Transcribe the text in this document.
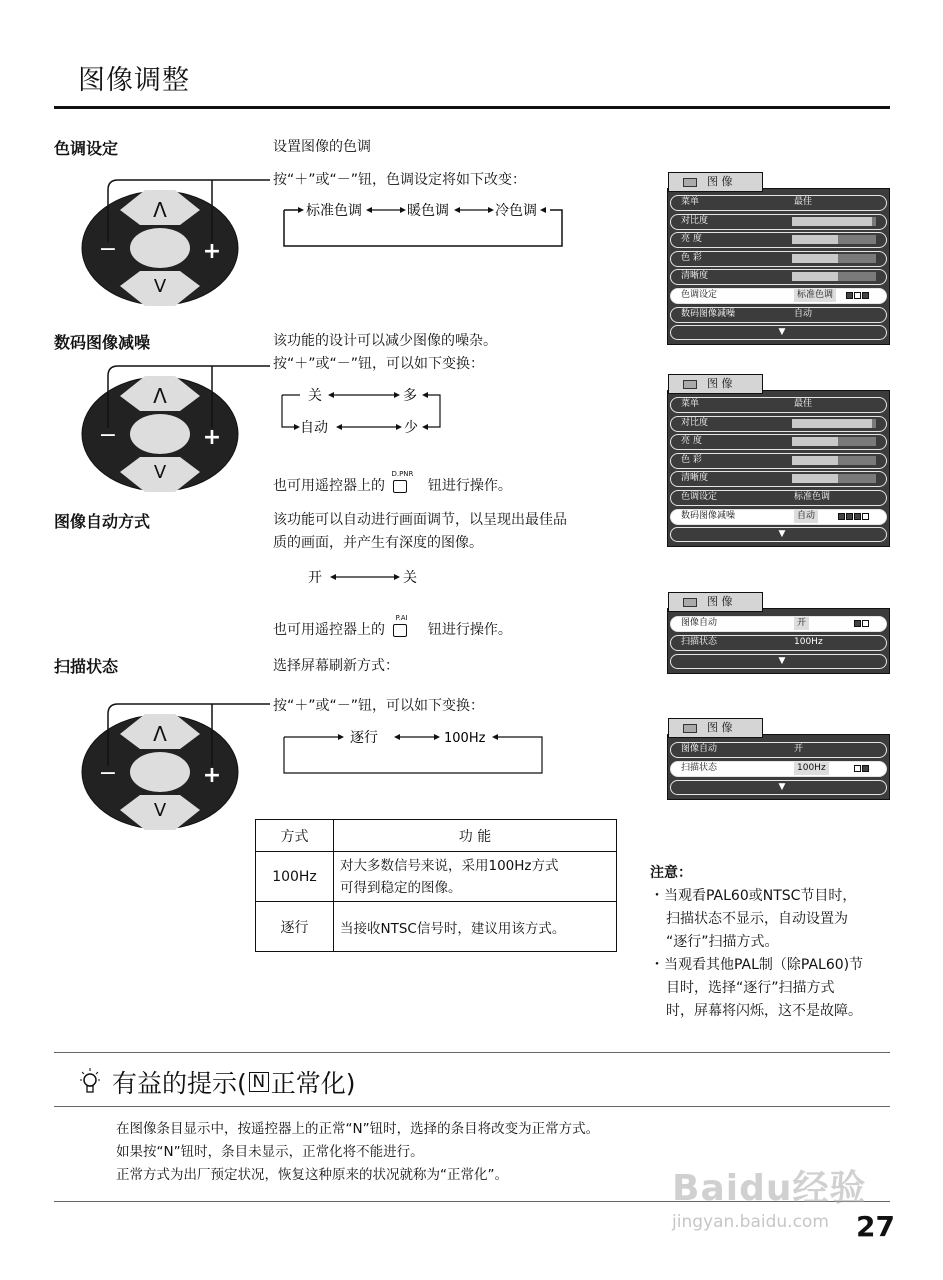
图像调整
色调设定	设置图像的色调
按“＋”或“－”钮，色调设定将如下改变：
Λ
V
−	+
标准色调	暖色调	冷色调
数码图像减噪	该功能的设计可以减少图像的噪杂。
按“＋”或“－”钮，可以如下变换：
Λ
V
−	+
关	多
自动	少
也可用遥控器上的
D.PNR
钮进行操作。
图像自动方式	该功能可以自动进行画面调节，以呈现出最佳品
质的画面，并产生有深度的图像。
开	关
也可用遥控器上的
P.AI
钮进行操作。
扫描状态	选择屏幕刷新方式：
按“＋”或“－”钮，可以如下变换：
Λ
V
−	+
逐行	100Hz
方式	功 能
100Hz	对大多数信号来说，采用100Hz方式
可得到稳定的图像。

逐行	当接收NTSC信号时，建议用该方式。
注意：
・当观看PAL60或NTSC节目时，
扫描状态不显示，自动设置为
“逐行”扫描方式。
・当观看其他PAL制（除PAL60)节
目时，选择“逐行”扫描方式
时，屏幕将闪烁，这不是故障。
图 像
菜单	最佳
对比度
亮 度
色 彩
清晰度
色调设定	标准色调
数码图像减噪	自动
▼
图 像
菜单	最佳
对比度
亮 度
色 彩
清晰度
色调设定	标准色调
数码图像减噪	自动
▼
图 像
图像自动	开
扫描状态	100Hz
▼
图 像
图像自动	开
扫描状态	100Hz
▼
有益的提示( N 正常化)
在图像条目显示中，按遥控器上的正常“N”钮时，选择的条目将改变为正常方式。
如果按“N”钮时，条目未显示，正常化将不能进行。
正常方式为出厂预定状况，恢复这种原来的状况就称为“正常化”。	Baidu经验
jingyan.baidu.com 27
